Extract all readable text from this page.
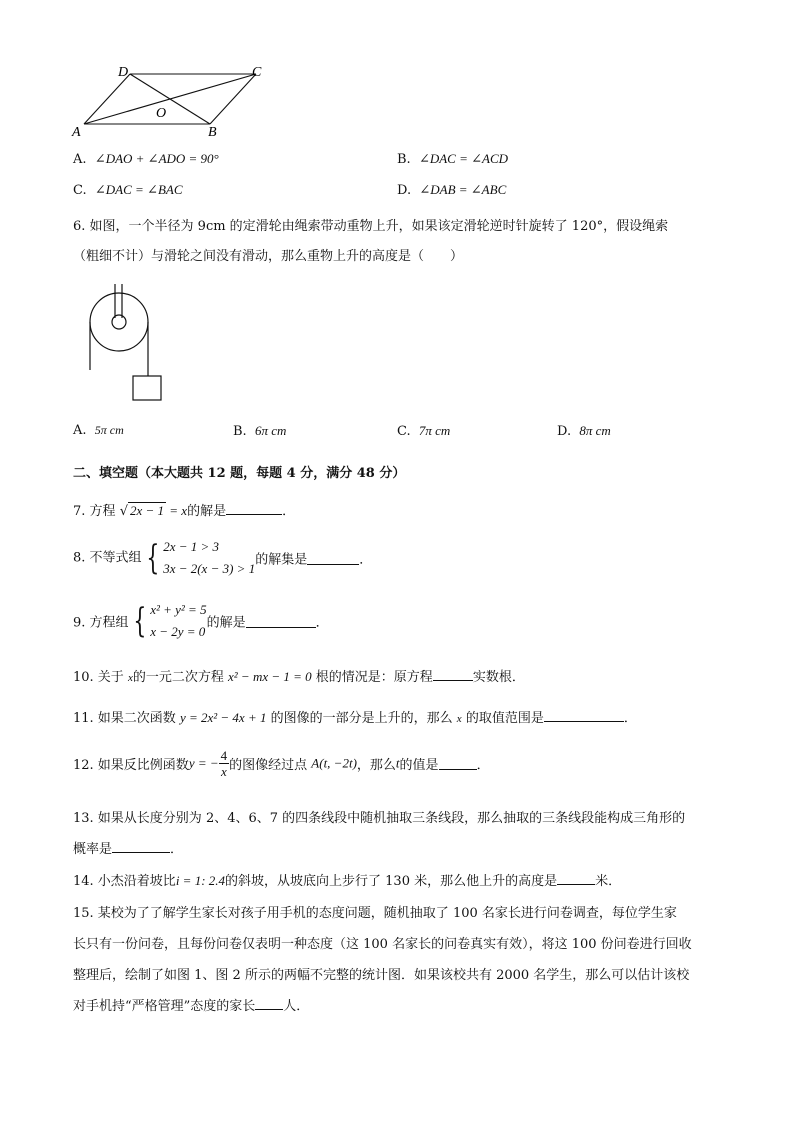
D	C
O
A	B
A. ∠DAO + ∠ADO = 90°	B. ∠DAC = ∠ACD
C. ∠DAC = ∠BAC	D. ∠DAB = ∠ABC
6. 如图，一个半径为 9cm 的定滑轮由绳索带动重物上升，如果该定滑轮逆时针旋转了 120°，假设绳索
（粗细不计）与滑轮之间没有滑动，那么重物上升的高度是（　　）
A. 5π cm	B. 6π cm	C. 7π cm	D. 8π cm
二、填空题（本大题共 12 题，每题 4 分，满分 48 分）
7. 方程 √ 2x − 1 = x的解是	．
8. 不等式组 { 2x − 1 > 3
3x − 2(x − 3) > 1
的解集是	．
9. 方程组 { x² + y² = 5
x − 2y = 0
的解是	．
10. 关于 x的一元二次方程 x² − mx − 1 = 0 根的情况是：原方程	实数根．
11. 如果二次函数 y = 2x² − 4x + 1 的图像的一部分是上升的，那么 x 的取值范围是	．
12. 如果反比例函数y = − $\frac{4}{x}$ 的图像经过点 A(t, −2t)，那么t的值是	．
13. 如果从长度分别为 2、4、6、7 的四条线段中随机抽取三条线段，那么抽取的三条线段能构成三角形的
概率是	．
14. 小杰沿着坡比i = 1: 2.4的斜坡，从坡底向上步行了 130 米，那么他上升的高度是	米．
15. 某校为了了解学生家长对孩子用手机的态度问题，随机抽取了 100 名家长进行问卷调查，每位学生家
长只有一份问卷，且每份问卷仅表明一种态度（这 100 名家长的问卷真实有效），将这 100 份问卷进行回收
整理后，绘制了如图 1、图 2 所示的两幅不完整的统计图．如果该校共有 2000 名学生，那么可以估计该校
对手机持“严格管理”态度的家长 人．
